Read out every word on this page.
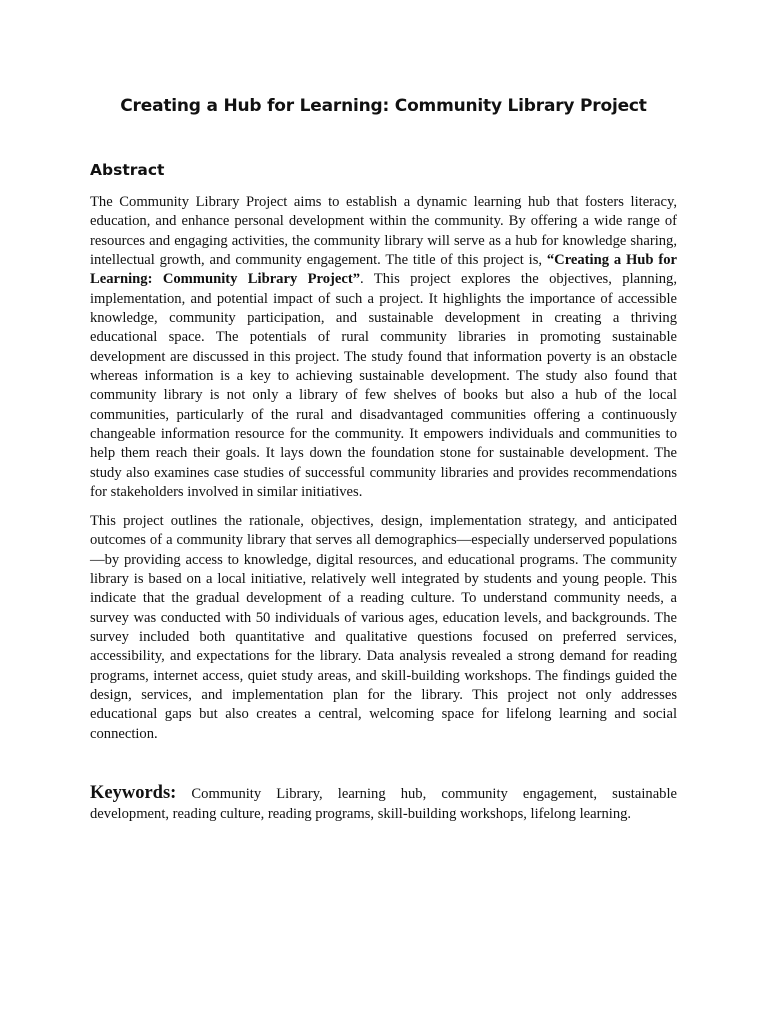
Creating a Hub for Learning: Community Library Project
Abstract

The Community Library Project aims to establish a dynamic learning hub that fosters literacy, education, and enhance personal development within the community. By offering a wide range of resources and engaging activities, the community library will serve as a hub for knowledge sharing, intellectual growth, and community engagement. The title of this project is, “Creating a Hub for Learning: Community Library Project”. This project explores the objectives, planning, implementation, and potential impact of such a project. It highlights the importance of accessible knowledge, community participation, and sustainable development in creating a thriving educational space. The potentials of rural community libraries in promoting sustainable development are discussed in this project. The study found that information poverty is an obstacle whereas information is a key to achieving sustainable development. The study also found that community library is not only a library of few shelves of books but also a hub of the local communities, particularly of the rural and disadvantaged communities offering a continuously changeable information resource for the community. It empowers individuals and communities to help them reach their goals. It lays down the foundation stone for sustainable development. The study also examines case studies of successful community libraries and provides recommendations for stakeholders involved in similar initiatives.

This project outlines the rationale, objectives, design, implementation strategy, and anticipated outcomes of a community library that serves all demographics—especially underserved populations—by providing access to knowledge, digital resources, and educational programs. The community library is based on a local initiative, relatively well integrated by students and young people. This indicate that the gradual development of a reading culture. To understand community needs, a survey was conducted with 50 individuals of various ages, education levels, and backgrounds. The survey included both quantitative and qualitative questions focused on preferred services, accessibility, and expectations for the library. Data analysis revealed a strong demand for reading programs, internet access, quiet study areas, and skill-building workshops. The findings guided the design, services, and implementation plan for the library. This project not only addresses educational gaps but also creates a central, welcoming space for lifelong learning and social connection.

Keywords: Community Library, learning hub, community engagement, sustainable development, reading culture, reading programs, skill-building workshops, lifelong learning.
